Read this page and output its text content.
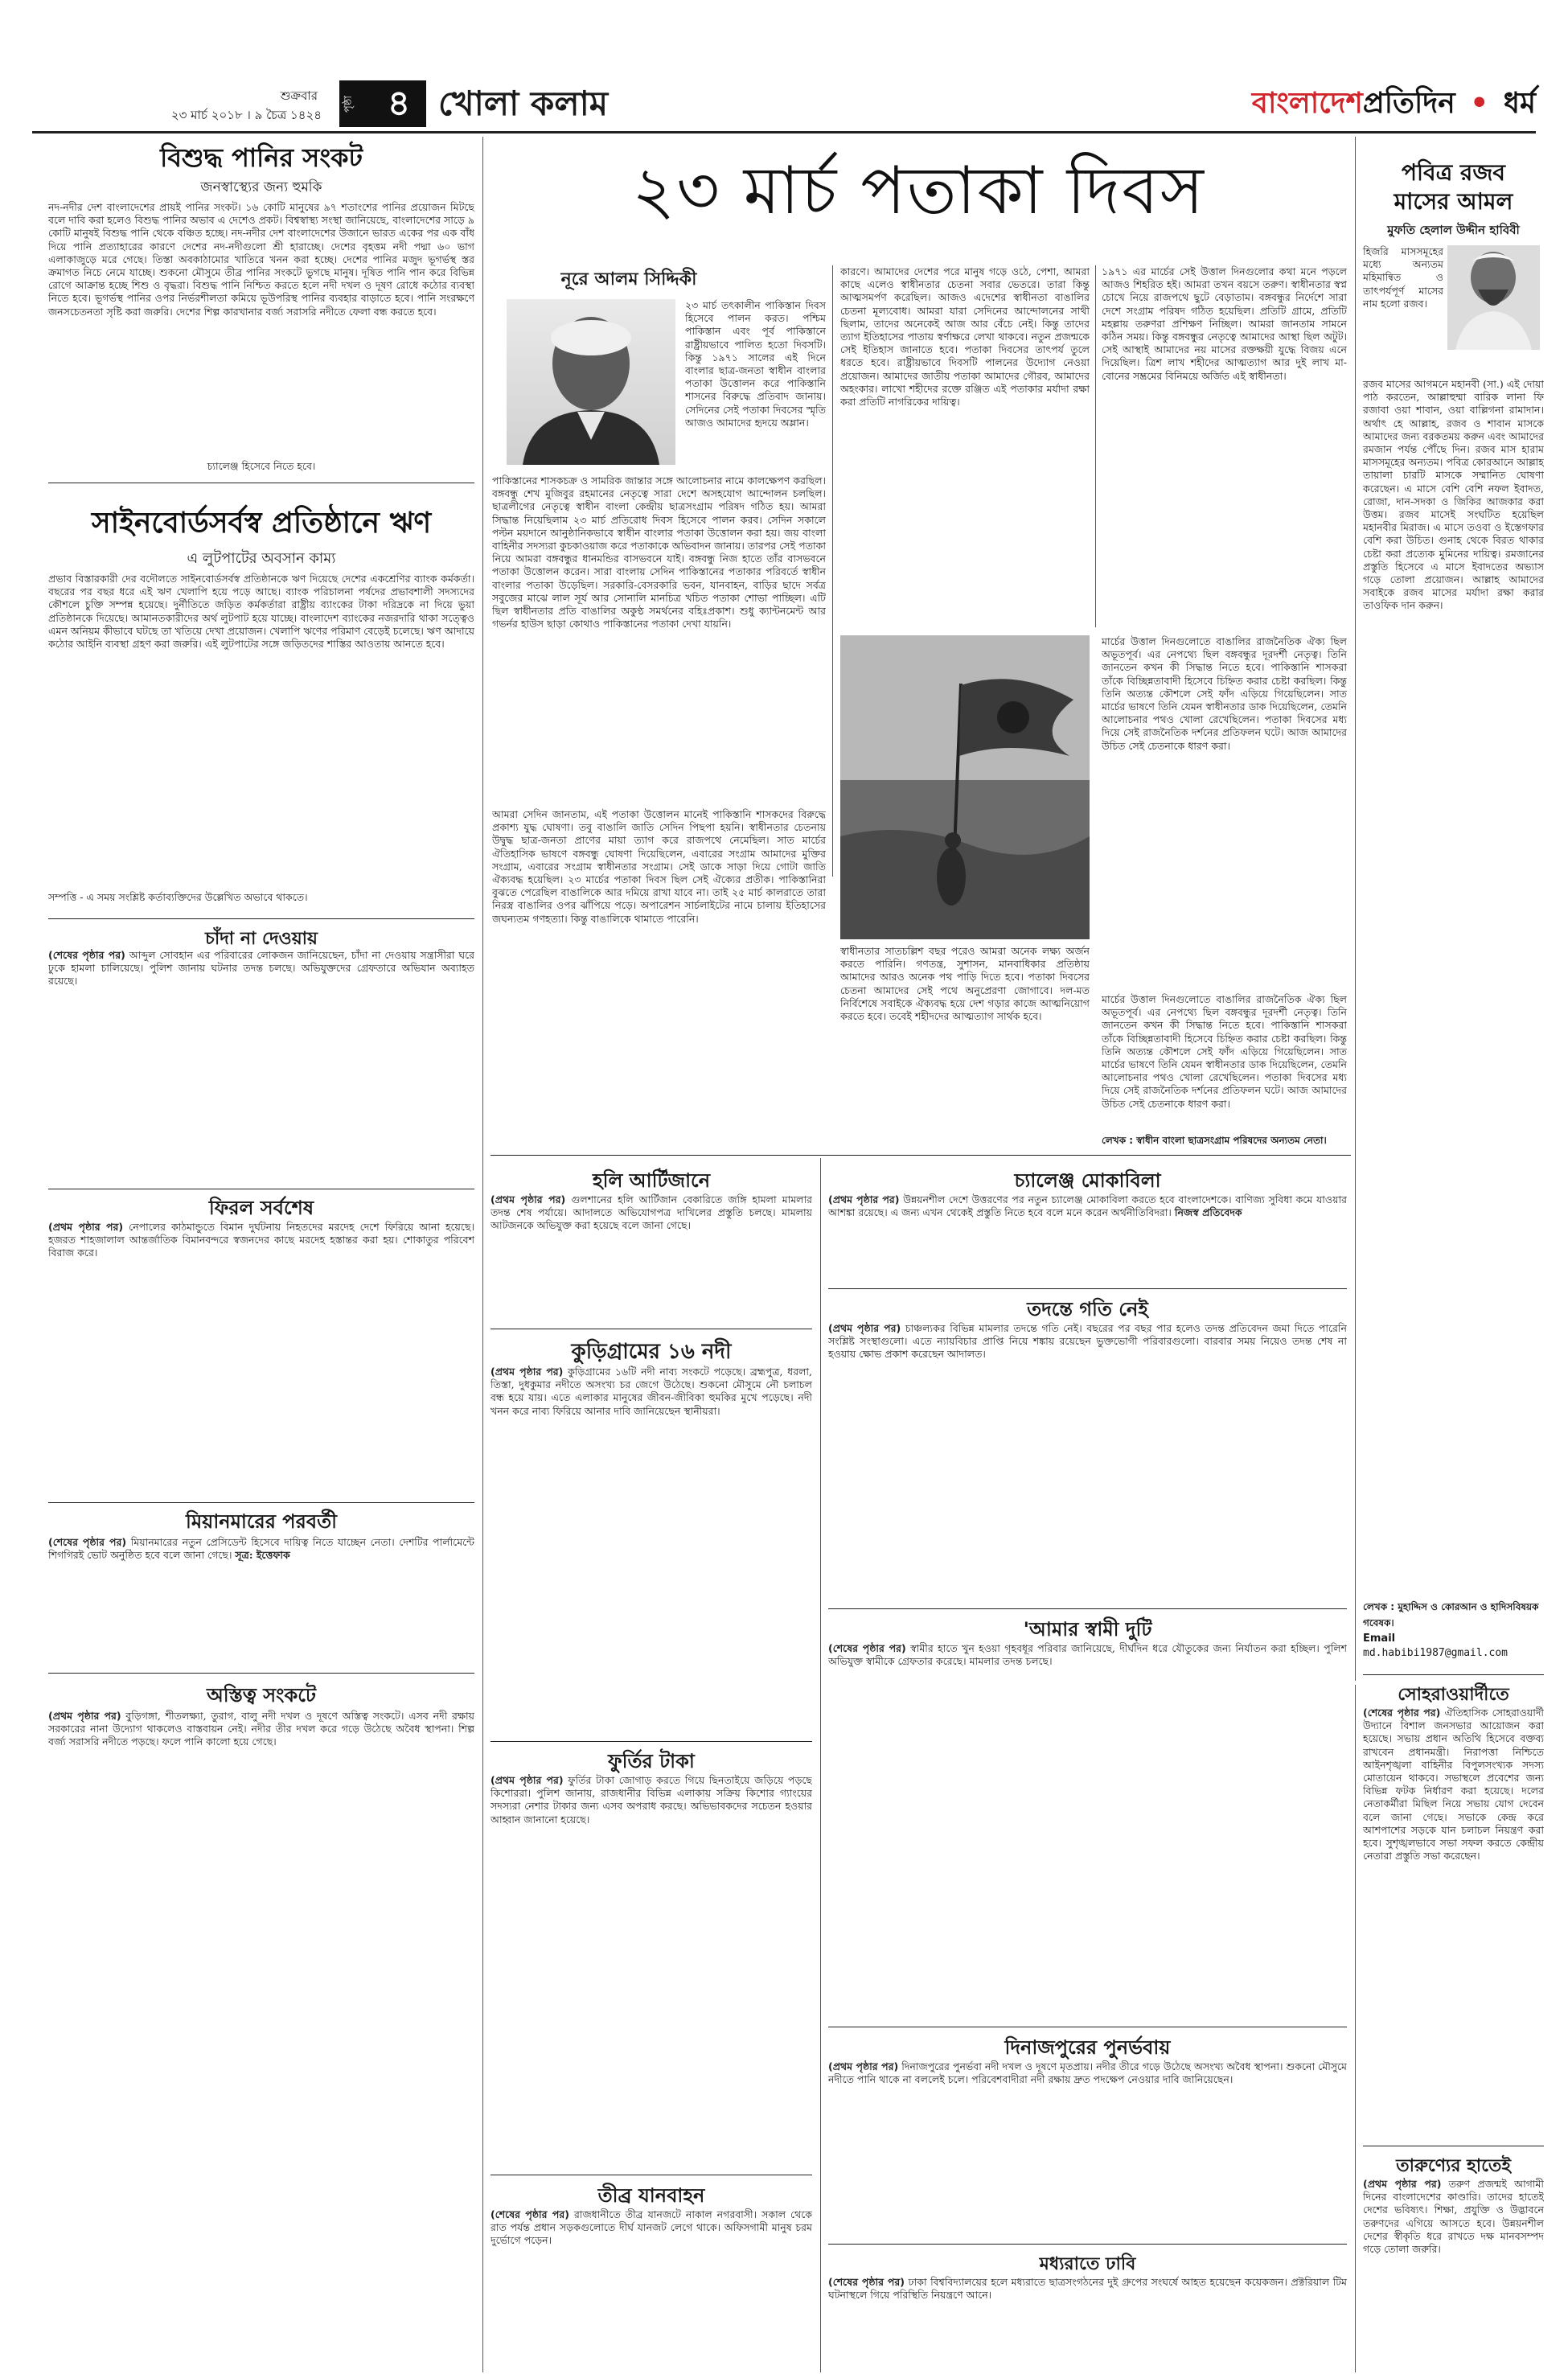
শুক্রবার
২৩ মার্চ ২০১৮ । ৯ চৈত্র ১৪২৪
পৃষ্ঠা ৪ খোলা কলাম	বাংলাদেশপ্রতিদিন • ধর্ম
বিশুদ্ধ পানির সংকট
জনস্বাস্থ্যের জন্য হুমকি
নদ-নদীর দেশ বাংলাদেশের প্রায়ই পানির সংকট। ১৬ কোটি মানুষের ৯৭ শতাংশের পানির প্রয়োজন মিটছে বলে দাবি করা হলেও বিশুদ্ধ পানির অভাব এ দেশেও প্রকট। বিশ্বস্বাস্থ্য সংস্থা জানিয়েছে, বাংলাদেশের সাড়ে ৯ কোটি মানুষই বিশুদ্ধ পানি থেকে বঞ্চিত হচ্ছে। নদ-নদীর দেশ বাংলাদেশের উজানে ভারত একের পর এক বাঁধ দিয়ে পানি প্রত্যাহারের কারণে দেশের নদ-নদীগুলো শ্রী হারাচ্ছে। দেশের বৃহত্তম নদী পদ্মা ৬০ ভাগ এলাকাজুড়ে মরে গেছে। তিস্তা অবকাঠামোর খাতিরে খনন করা হচ্ছে। দেশের পানির মজুদ ভূগর্ভস্থ স্তর ক্রমাগত নিচে নেমে যাচ্ছে। শুকনো মৌসুমে তীব্র পানির সংকটে ভুগছে মানুষ। দূষিত পানি পান করে বিভিন্ন রোগে আক্রান্ত হচ্ছে শিশু ও বৃদ্ধরা। বিশুদ্ধ পানি নিশ্চিত করতে হলে নদী দখল ও দূষণ রোধে কঠোর ব্যবস্থা নিতে হবে। ভূগর্ভস্থ পানির ওপর নির্ভরশীলতা কমিয়ে ভূউপরিস্থ পানির ব্যবহার বাড়াতে হবে। পানি সংরক্ষণে জনসচেতনতা সৃষ্টি করা জরুরি। দেশের শিল্প কারখানার বর্জ্য সরাসরি নদীতে ফেলা বন্ধ করতে হবে।
চ্যালেঞ্জ হিসেবে নিতে হবে।
সাইনবোর্ডসর্বস্ব প্রতিষ্ঠানে ঋণ
এ লুটপাটের অবসান কাম্য
প্রভাব বিস্তারকারী দের বদৌলতে সাইনবোর্ডসর্বস্ব প্রতিষ্ঠানকে ঋণ দিয়েছে দেশের একশ্রেণির ব্যাংক কর্মকর্তা। বছরের পর বছর ধরে এই ঋণ খেলাপি হয়ে পড়ে আছে। ব্যাংক পরিচালনা পর্ষদের প্রভাবশালী সদস্যদের কৌশলে চুক্তি সম্পন্ন হয়েছে। দুর্নীতিতে জড়িত কর্মকর্তারা রাষ্ট্রীয় ব্যাংকের টাকা দরিদ্রকে না দিয়ে ভুয়া প্রতিষ্ঠানকে দিয়েছে। আমানতকারীদের অর্থ লুটপাট হয়ে যাচ্ছে। বাংলাদেশ ব্যাংকের নজরদারি থাকা সত্ত্বেও এমন অনিয়ম কীভাবে ঘটছে তা খতিয়ে দেখা প্রয়োজন। খেলাপি ঋণের পরিমাণ বেড়েই চলেছে। ঋণ আদায়ে কঠোর আইনি ব্যবস্থা গ্রহণ করা জরুরি। এই লুটপাটের সঙ্গে জড়িতদের শাস্তির আওতায় আনতে হবে।
সম্পত্তি - এ সময় সংশ্লিষ্ট কর্তাব্যক্তিদের উল্লেখিত অভাবে থাকতে।
চাঁদা না দেওয়ায়
(শেষের পৃষ্ঠার পর) আব্দুল সোবহান এর পরিবারের লোকজন জানিয়েছেন, চাঁদা না দেওয়ায় সন্ত্রাসীরা ঘরে ঢুকে হামলা চালিয়েছে। পুলিশ জানায় ঘটনার তদন্ত চলছে। অভিযুক্তদের গ্রেফতারে অভিযান অব্যাহত রয়েছে।
ফিরল সর্বশেষ
(প্রথম পৃষ্ঠার পর) নেপালের কাঠমান্ডুতে বিমান দুর্ঘটনায় নিহতদের মরদেহ দেশে ফিরিয়ে আনা হয়েছে। হজরত শাহজালাল আন্তর্জাতিক বিমানবন্দরে স্বজনদের কাছে মরদেহ হস্তান্তর করা হয়। শোকাতুর পরিবেশ বিরাজ করে।
মিয়ানমারের পরবর্তী
(শেষের পৃষ্ঠার পর) মিয়ানমারের নতুন প্রেসিডেন্ট হিসেবে দায়িত্ব নিতে যাচ্ছেন নেতা। দেশটির পার্লামেন্টে শিগগিরই ভোট অনুষ্ঠিত হবে বলে জানা গেছে। সূত্র: ইত্তেফাক
অস্তিত্ব সংকটে
(প্রথম পৃষ্ঠার পর) বুড়িগঙ্গা, শীতলক্ষ্যা, তুরাগ, বালু নদী দখল ও দূষণে অস্তিত্ব সংকটে। এসব নদী রক্ষায় সরকারের নানা উদ্যোগ থাকলেও বাস্তবায়ন নেই। নদীর তীর দখল করে গড়ে উঠেছে অবৈধ স্থাপনা। শিল্প বর্জ্য সরাসরি নদীতে পড়ছে। ফলে পানি কালো হয়ে গেছে।
২৩ মার্চ পতাকা দিবস
নূরে আলম সিদ্দিকী
২৩ মার্চ তৎকালীন পাকিস্তান দিবস হিসেবে পালন করত। পশ্চিম পাকিস্তান এবং পূর্ব পাকিস্তানে রাষ্ট্রীয়ভাবে পালিত হতো দিবসটি। কিন্তু ১৯৭১ সালের এই দিনে বাংলার ছাত্র-জনতা স্বাধীন বাংলার পতাকা উত্তোলন করে পাকিস্তানি শাসনের বিরুদ্ধে প্রতিবাদ জানায়। সেদিনের সেই পতাকা দিবসের স্মৃতি আজও আমাদের হৃদয়ে অম্লান।
পাকিস্তানের শাসকচক্র ও সামরিক জান্তার সঙ্গে আলোচনার নামে কালক্ষেপণ করছিল। বঙ্গবন্ধু শেখ মুজিবুর রহমানের নেতৃত্বে সারা দেশে অসহযোগ আন্দোলন চলছিল। ছাত্রলীগের নেতৃত্বে স্বাধীন বাংলা কেন্দ্রীয় ছাত্রসংগ্রাম পরিষদ গঠিত হয়। আমরা সিদ্ধান্ত নিয়েছিলাম ২৩ মার্চ প্রতিরোধ দিবস হিসেবে পালন করব। সেদিন সকালে পল্টন ময়দানে আনুষ্ঠানিকভাবে স্বাধীন বাংলার পতাকা উত্তোলন করা হয়। জয় বাংলা বাহিনীর সদস্যরা কুচকাওয়াজ করে পতাকাকে অভিবাদন জানায়। তারপর সেই পতাকা নিয়ে আমরা বঙ্গবন্ধুর ধানমন্ডির বাসভবনে যাই। বঙ্গবন্ধু নিজ হাতে তাঁর বাসভবনে পতাকা উত্তোলন করেন। সারা বাংলায় সেদিন পাকিস্তানের পতাকার পরিবর্তে স্বাধীন বাংলার পতাকা উড়েছিল। সরকারি-বেসরকারি ভবন, যানবাহন, বাড়ির ছাদে সর্বত্র সবুজের মাঝে লাল সূর্য আর সোনালি মানচিত্র খচিত পতাকা শোভা পাচ্ছিল। এটি ছিল স্বাধীনতার প্রতি বাঙালির অকুণ্ঠ সমর্থনের বহিঃপ্রকাশ। শুধু ক্যান্টনমেন্ট আর গভর্নর হাউস ছাড়া কোথাও পাকিস্তানের পতাকা দেখা যায়নি।
আমরা সেদিন জানতাম, এই পতাকা উত্তোলন মানেই পাকিস্তানি শাসকদের বিরুদ্ধে প্রকাশ্য যুদ্ধ ঘোষণা। তবু বাঙালি জাতি সেদিন পিছপা হয়নি। স্বাধীনতার চেতনায় উদ্বুদ্ধ ছাত্র-জনতা প্রাণের মায়া ত্যাগ করে রাজপথে নেমেছিল। সাত মার্চের ঐতিহাসিক ভাষণে বঙ্গবন্ধু ঘোষণা দিয়েছিলেন, এবারের সংগ্রাম আমাদের মুক্তির সংগ্রাম, এবারের সংগ্রাম স্বাধীনতার সংগ্রাম। সেই ডাকে সাড়া দিয়ে গোটা জাতি ঐক্যবদ্ধ হয়েছিল। ২৩ মার্চের পতাকা দিবস ছিল সেই ঐক্যের প্রতীক। পাকিস্তানিরা বুঝতে পেরেছিল বাঙালিকে আর দমিয়ে রাখা যাবে না। তাই ২৫ মার্চ কালরাতে তারা নিরস্ত্র বাঙালির ওপর ঝাঁপিয়ে পড়ে। অপারেশন সার্চলাইটের নামে চালায় ইতিহাসের জঘন্যতম গণহত্যা। কিন্তু বাঙালিকে থামাতে পারেনি।
কারণে। আমাদের দেশের পরে মানুষ গড়ে ওঠে, পেশা, আমরা কাছে এলেও স্বাধীনতার চেতনা সবার ভেতরে। তারা কিন্তু আত্মসমর্পণ করেছিল। আজও এদেশের স্বাধীনতা বাঙালির চেতনা মূল্যবোধ। আমরা যারা সেদিনের আন্দোলনের সাথী ছিলাম, তাদের অনেকেই আজ আর বেঁচে নেই। কিন্তু তাদের ত্যাগ ইতিহাসের পাতায় স্বর্ণাক্ষরে লেখা থাকবে। নতুন প্রজন্মকে সেই ইতিহাস জানাতে হবে। পতাকা দিবসের তাৎপর্য তুলে ধরতে হবে। রাষ্ট্রীয়ভাবে দিবসটি পালনের উদ্যোগ নেওয়া প্রয়োজন। আমাদের জাতীয় পতাকা আমাদের গৌরব, আমাদের অহংকার। লাখো শহীদের রক্তে রঞ্জিত এই পতাকার মর্যাদা রক্ষা করা প্রতিটি নাগরিকের দায়িত্ব।
১৯৭১ এর মার্চের সেই উত্তাল দিনগুলোর কথা মনে পড়লে আজও শিহরিত হই। আমরা তখন বয়সে তরুণ। স্বাধীনতার স্বপ্ন চোখে নিয়ে রাজপথে ছুটে বেড়াতাম। বঙ্গবন্ধুর নির্দেশে সারা দেশে সংগ্রাম পরিষদ গঠিত হয়েছিল। প্রতিটি গ্রামে, প্রতিটি মহল্লায় তরুণরা প্রশিক্ষণ নিচ্ছিল। আমরা জানতাম সামনে কঠিন সময়। কিন্তু বঙ্গবন্ধুর নেতৃত্বে আমাদের আস্থা ছিল অটুট। সেই আস্থাই আমাদের নয় মাসের রক্তক্ষয়ী যুদ্ধে বিজয় এনে দিয়েছিল। ত্রিশ লাখ শহীদের আত্মত্যাগ আর দুই লাখ মা-বোনের সম্ভ্রমের বিনিময়ে অর্জিত এই স্বাধীনতা।
মার্চের উত্তাল দিনগুলোতে বাঙালির রাজনৈতিক ঐক্য ছিল অভূতপূর্ব। এর নেপথ্যে ছিল বঙ্গবন্ধুর দূরদর্শী নেতৃত্ব। তিনি জানতেন কখন কী সিদ্ধান্ত নিতে হবে। পাকিস্তানি শাসকরা তাঁকে বিচ্ছিন্নতাবাদী হিসেবে চিহ্নিত করার চেষ্টা করছিল। কিন্তু তিনি অত্যন্ত কৌশলে সেই ফাঁদ এড়িয়ে গিয়েছিলেন। সাত মার্চের ভাষণে তিনি যেমন স্বাধীনতার ডাক দিয়েছিলেন, তেমনি আলোচনার পথও খোলা রেখেছিলেন। পতাকা দিবসের মধ্য দিয়ে সেই রাজনৈতিক দর্শনের প্রতিফলন ঘটে। আজ আমাদের উচিত সেই চেতনাকে ধারণ করা।
স্বাধীনতার সাতচল্লিশ বছর পরেও আমরা অনেক লক্ষ্য অর্জন করতে পারিনি। গণতন্ত্র, সুশাসন, মানবাধিকার প্রতিষ্ঠায় আমাদের আরও অনেক পথ পাড়ি দিতে হবে। পতাকা দিবসের চেতনা আমাদের সেই পথে অনুপ্রেরণা জোগাবে। দল-মত নির্বিশেষে সবাইকে ঐক্যবদ্ধ হয়ে দেশ গড়ার কাজে আত্মনিয়োগ করতে হবে। তবেই শহীদদের আত্মত্যাগ সার্থক হবে।
মার্চের উত্তাল দিনগুলোতে বাঙালির রাজনৈতিক ঐক্য ছিল অভূতপূর্ব। এর নেপথ্যে ছিল বঙ্গবন্ধুর দূরদর্শী নেতৃত্ব। তিনি জানতেন কখন কী সিদ্ধান্ত নিতে হবে। পাকিস্তানি শাসকরা তাঁকে বিচ্ছিন্নতাবাদী হিসেবে চিহ্নিত করার চেষ্টা করছিল। কিন্তু তিনি অত্যন্ত কৌশলে সেই ফাঁদ এড়িয়ে গিয়েছিলেন। সাত মার্চের ভাষণে তিনি যেমন স্বাধীনতার ডাক দিয়েছিলেন, তেমনি আলোচনার পথও খোলা রেখেছিলেন। পতাকা দিবসের মধ্য দিয়ে সেই রাজনৈতিক দর্শনের প্রতিফলন ঘটে। আজ আমাদের উচিত সেই চেতনাকে ধারণ করা।
লেখক : স্বাধীন বাংলা ছাত্রসংগ্রাম পরিষদের অন্যতম নেতা।
পবিত্র রজব
মাসের আমল
মুফতি হেলাল উদ্দীন হাবিবী
হিজরি মাসসমূহের মধ্যে অন্যতম মহিমান্বিত ও তাৎপর্যপূর্ণ মাসের নাম হলো রজব।
রজব মাসের আগমনে মহানবী (সা.) এই দোয়া পাঠ করতেন, আল্লাহুম্মা বারিক লানা ফি রজাবা ওয়া শাবান, ওয়া বাল্লিগনা রামাদান। অর্থাৎ হে আল্লাহ, রজব ও শাবান মাসকে আমাদের জন্য বরকতময় করুন এবং আমাদের রমজান পর্যন্ত পৌঁছে দিন। রজব মাস হারাম মাসসমূহের অন্যতম। পবিত্র কোরআনে আল্লাহ তায়ালা চারটি মাসকে সম্মানিত ঘোষণা করেছেন। এ মাসে বেশি বেশি নফল ইবাদত, রোজা, দান-সদকা ও জিকির আজকার করা উত্তম। রজব মাসেই সংঘটিত হয়েছিল মহানবীর মিরাজ। এ মাসে তওবা ও ইস্তেগফার বেশি করা উচিত। গুনাহ থেকে বিরত থাকার চেষ্টা করা প্রত্যেক মুমিনের দায়িত্ব। রমজানের প্রস্তুতি হিসেবে এ মাসে ইবাদতের অভ্যাস গড়ে তোলা প্রয়োজন। আল্লাহ আমাদের সবাইকে রজব মাসের মর্যাদা রক্ষা করার তাওফিক দান করুন।
লেখক : মুহাদ্দিস ও কোরআন ও হাদিসবিষয়ক গবেষক।
Email
md.habibi1987@gmail.com
সোহরাওয়ার্দীতে
(শেষের পৃষ্ঠার পর) ঐতিহাসিক সোহরাওয়ার্দী উদ্যানে বিশাল জনসভার আয়োজন করা হয়েছে। সভায় প্রধান অতিথি হিসেবে বক্তব্য রাখবেন প্রধানমন্ত্রী। নিরাপত্তা নিশ্চিতে আইনশৃঙ্খলা বাহিনীর বিপুলসংখ্যক সদস্য মোতায়েন থাকবে। সভাস্থলে প্রবেশের জন্য বিভিন্ন ফটক নির্ধারণ করা হয়েছে। দলের নেতাকর্মীরা মিছিল নিয়ে সভায় যোগ দেবেন বলে জানা গেছে। সভাকে কেন্দ্র করে আশপাশের সড়কে যান চলাচল নিয়ন্ত্রণ করা হবে। সুশৃঙ্খলভাবে সভা সফল করতে কেন্দ্রীয় নেতারা প্রস্তুতি সভা করেছেন।
তারুণ্যের হাতেই
(প্রথম পৃষ্ঠার পর) তরুণ প্রজন্মই আগামী দিনের বাংলাদেশের কাণ্ডারি। তাদের হাতেই দেশের ভবিষ্যৎ। শিক্ষা, প্রযুক্তি ও উদ্ভাবনে তরুণদের এগিয়ে আসতে হবে। উন্নয়নশীল দেশের স্বীকৃতি ধরে রাখতে দক্ষ মানবসম্পদ গড়ে তোলা জরুরি।
হলি আর্টিজানে
(প্রথম পৃষ্ঠার পর) গুলশানের হলি আর্টিজান বেকারিতে জঙ্গি হামলা মামলার তদন্ত শেষ পর্যায়ে। আদালতে অভিযোগপত্র দাখিলের প্রস্তুতি চলছে। মামলায় আটজনকে অভিযুক্ত করা হয়েছে বলে জানা গেছে।
কুড়িগ্রামের ১৬ নদী
(প্রথম পৃষ্ঠার পর) কুড়িগ্রামের ১৬টি নদী নাব্য সংকটে পড়েছে। ব্রহ্মপুত্র, ধরলা, তিস্তা, দুধকুমার নদীতে অসংখ্য চর জেগে উঠেছে। শুকনো মৌসুমে নৌ চলাচল বন্ধ হয়ে যায়। এতে এলাকার মানুষের জীবন-জীবিকা হুমকির মুখে পড়েছে। নদী খনন করে নাব্য ফিরিয়ে আনার দাবি জানিয়েছেন স্থানীয়রা।
ফুর্তির টাকা
(প্রথম পৃষ্ঠার পর) ফুর্তির টাকা জোগাড় করতে গিয়ে ছিনতাইয়ে জড়িয়ে পড়ছে কিশোররা। পুলিশ জানায়, রাজধানীর বিভিন্ন এলাকায় সক্রিয় কিশোর গ্যাংয়ের সদস্যরা নেশার টাকার জন্য এসব অপরাধ করছে। অভিভাবকদের সচেতন হওয়ার আহ্বান জানানো হয়েছে।
তীব্র যানবাহন
(শেষের পৃষ্ঠার পর) রাজধানীতে তীব্র যানজটে নাকাল নগরবাসী। সকাল থেকে রাত পর্যন্ত প্রধান সড়কগুলোতে দীর্ঘ যানজট লেগে থাকে। অফিসগামী মানুষ চরম দুর্ভোগে পড়েন।
চ্যালেঞ্জ মোকাবিলা
(প্রথম পৃষ্ঠার পর) উন্নয়নশীল দেশে উত্তরণের পর নতুন চ্যালেঞ্জ মোকাবিলা করতে হবে বাংলাদেশকে। বাণিজ্য সুবিধা কমে যাওয়ার আশঙ্কা রয়েছে। এ জন্য এখন থেকেই প্রস্তুতি নিতে হবে বলে মনে করেন অর্থনীতিবিদরা। নিজস্ব প্রতিবেদক
তদন্তে গতি নেই
(প্রথম পৃষ্ঠার পর) চাঞ্চল্যকর বিভিন্ন মামলার তদন্তে গতি নেই। বছরের পর বছর পার হলেও তদন্ত প্রতিবেদন জমা দিতে পারেনি সংশ্লিষ্ট সংস্থাগুলো। এতে ন্যায়বিচার প্রাপ্তি নিয়ে শঙ্কায় রয়েছেন ভুক্তভোগী পরিবারগুলো। বারবার সময় নিয়েও তদন্ত শেষ না হওয়ায় ক্ষোভ প্রকাশ করেছেন আদালত।
'আমার স্বামী দুটি
(শেষের পৃষ্ঠার পর) স্বামীর হাতে খুন হওয়া গৃহবধূর পরিবার জানিয়েছে, দীর্ঘদিন ধরে যৌতুকের জন্য নির্যাতন করা হচ্ছিল। পুলিশ অভিযুক্ত স্বামীকে গ্রেফতার করেছে। মামলার তদন্ত চলছে।
দিনাজপুরের পুনর্ভবায়
(প্রথম পৃষ্ঠার পর) দিনাজপুরের পুনর্ভবা নদী দখল ও দূষণে মৃতপ্রায়। নদীর তীরে গড়ে উঠেছে অসংখ্য অবৈধ স্থাপনা। শুকনো মৌসুমে নদীতে পানি থাকে না বললেই চলে। পরিবেশবাদীরা নদী রক্ষায় দ্রুত পদক্ষেপ নেওয়ার দাবি জানিয়েছেন।
মধ্যরাতে ঢাবি
(শেষের পৃষ্ঠার পর) ঢাকা বিশ্ববিদ্যালয়ের হলে মধ্যরাতে ছাত্রসংগঠনের দুই গ্রুপের সংঘর্ষে আহত হয়েছেন কয়েকজন। প্রক্টরিয়াল টিম ঘটনাস্থলে গিয়ে পরিস্থিতি নিয়ন্ত্রণে আনে।
